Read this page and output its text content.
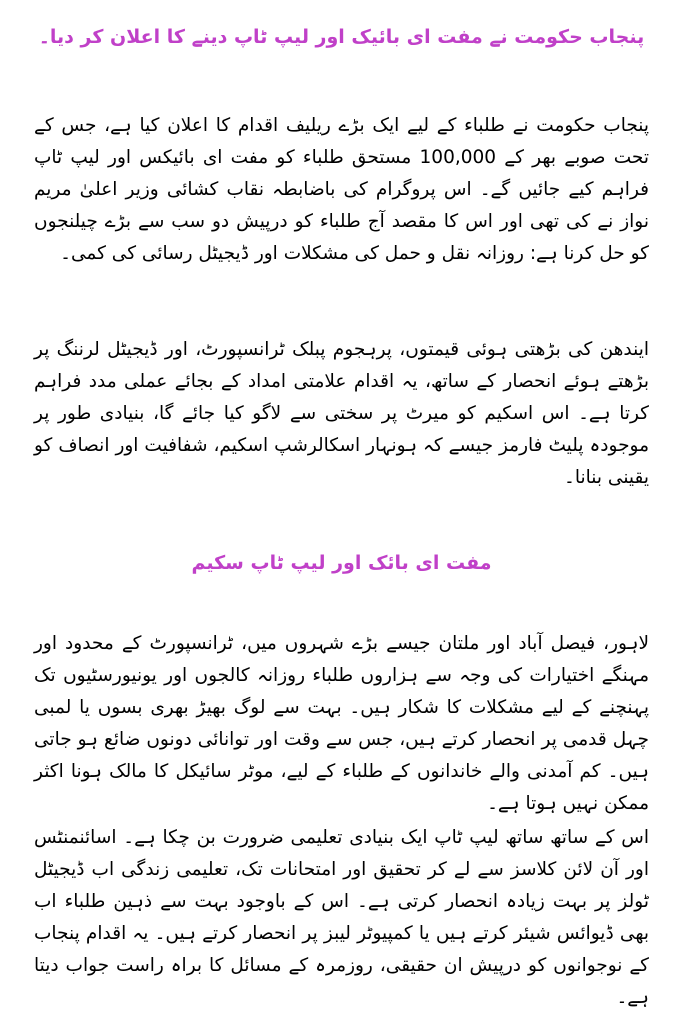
پنجاب حکومت نے مفت ای بائیک اور لیپ ٹاپ دینے کا اعلان کر دیا۔

پنجاب حکومت نے طلباء کے لیے ایک بڑے ریلیف اقدام کا اعلان کیا ہے، جس کے تحت صوبے بھر کے 100,000 مستحق طلباء کو مفت ای بائیکس اور لیپ ٹاپ فراہم کیے جائیں گے۔ اس پروگرام کی باضابطہ نقاب کشائی وزیر اعلیٰ مریم نواز نے کی تھی اور اس کا مقصد آج طلباء کو درپیش دو سب سے بڑے چیلنجوں کو حل کرنا ہے: روزانہ نقل و حمل کی مشکلات اور ڈیجیٹل رسائی کی کمی۔

ایندھن کی بڑھتی ہوئی قیمتوں، پرہجوم پبلک ٹرانسپورٹ، اور ڈیجیٹل لرننگ پر بڑھتے ہوئے انحصار کے ساتھ، یہ اقدام علامتی امداد کے بجائے عملی مدد فراہم کرتا ہے۔ اس اسکیم کو میرٹ پر سختی سے لاگو کیا جائے گا، بنیادی طور پر موجودہ پلیٹ فارمز جیسے کہ ہونہار اسکالرشپ اسکیم، شفافیت اور انصاف کو یقینی بنانا۔

مفت ای بائک اور لیپ ٹاپ سکیم

لاہور، فیصل آباد اور ملتان جیسے بڑے شہروں میں، ٹرانسپورٹ کے محدود اور مہنگے اختیارات کی وجہ سے ہزاروں طلباء روزانہ کالجوں اور یونیورسٹیوں تک پہنچنے کے لیے مشکلات کا شکار ہیں۔ بہت سے لوگ بھیڑ بھری بسوں یا لمبی چہل قدمی پر انحصار کرتے ہیں، جس سے وقت اور توانائی دونوں ضائع ہو جاتی ہیں۔ کم آمدنی والے خاندانوں کے طلباء کے لیے، موٹر سائیکل کا مالک ہونا اکثر ممکن نہیں ہوتا ہے۔

اس کے ساتھ ساتھ لیپ ٹاپ ایک بنیادی تعلیمی ضرورت بن چکا ہے۔ اسائنمنٹس اور آن لائن کلاسز سے لے کر تحقیق اور امتحانات تک، تعلیمی زندگی اب ڈیجیٹل ٹولز پر بہت زیادہ انحصار کرتی ہے۔ اس کے باوجود بہت سے ذہین طلباء اب بھی ڈیوائس شیئر کرتے ہیں یا کمپیوٹر لیبز پر انحصار کرتے ہیں۔ یہ اقدام پنجاب کے نوجوانوں کو درپیش ان حقیقی، روزمرہ کے مسائل کا براہ راست جواب دیتا ہے۔
